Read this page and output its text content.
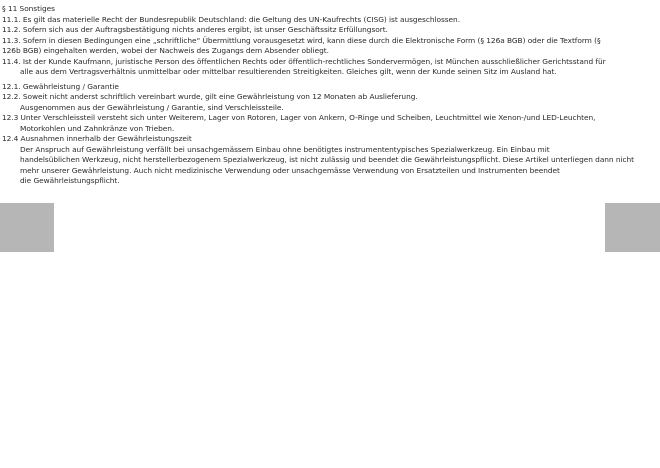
§ 11 Sonstiges
11.1. Es gilt das materielle Recht der Bundesrepublik Deutschland: die Geltung des UN-Kaufrechts (CISG) ist ausgeschlossen.
11.2. Sofern sich aus der Auftragsbestätigung nichts anderes ergibt, ist unser Geschäftssitz Erfüllungsort.
11.3. Sofern in diesen Bedingungen eine „schriftliche“ Übermittlung vorausgesetzt wird, kann diese durch die Elektronische Form (§ 126a BGB) oder die Textform (§
126b BGB) eingehalten werden, wobei der Nachweis des Zugangs dem Absender obliegt.
11.4. Ist der Kunde Kaufmann, juristische Person des öffentlichen Rechts oder öffentlich-rechtliches Sondervermögen, ist München ausschließlicher Gerichtsstand für
alle aus dem Vertragsverhältnis unmittelbar oder mittelbar resultierenden Streitigkeiten. Gleiches gilt, wenn der Kunde seinen Sitz im Ausland hat.
12.1. Gewährleistung / Garantie
12.2. Soweit nicht anderst schriftlich vereinbart wurde, gilt eine Gewährleistung von 12 Monaten ab Auslieferung.
Ausgenommen aus der Gewährleistung / Garantie, sind Verschleissteile.
12.3 Unter Verschleissteil versteht sich unter Weiterem, Lager von Rotoren, Lager von Ankern, O-Ringe und Scheiben, Leuchtmittel wie Xenon-/und LED-Leuchten,
Motorkohlen und Zahnkränze von Trieben.
12.4 Ausnahmen innerhalb der Gewährleistungszeit
Der Anspruch auf Gewährleistung verfällt bei unsachgemässem Einbau ohne benötigtes instrumententypisches Spezialwerkzeug. Ein Einbau mit
handelsüblichen Werkzeug, nicht herstellerbezogenem Spezialwerkzeug, ist nicht zulässig und beendet die Gewährleistungspflicht. Diese Artikel unterliegen dann nicht
mehr unserer Gewährleistung. Auch nicht medizinische Verwendung oder unsachgemässe Verwendung von Ersatzteilen und Instrumenten beendet
die Gewährleistungspflicht.
